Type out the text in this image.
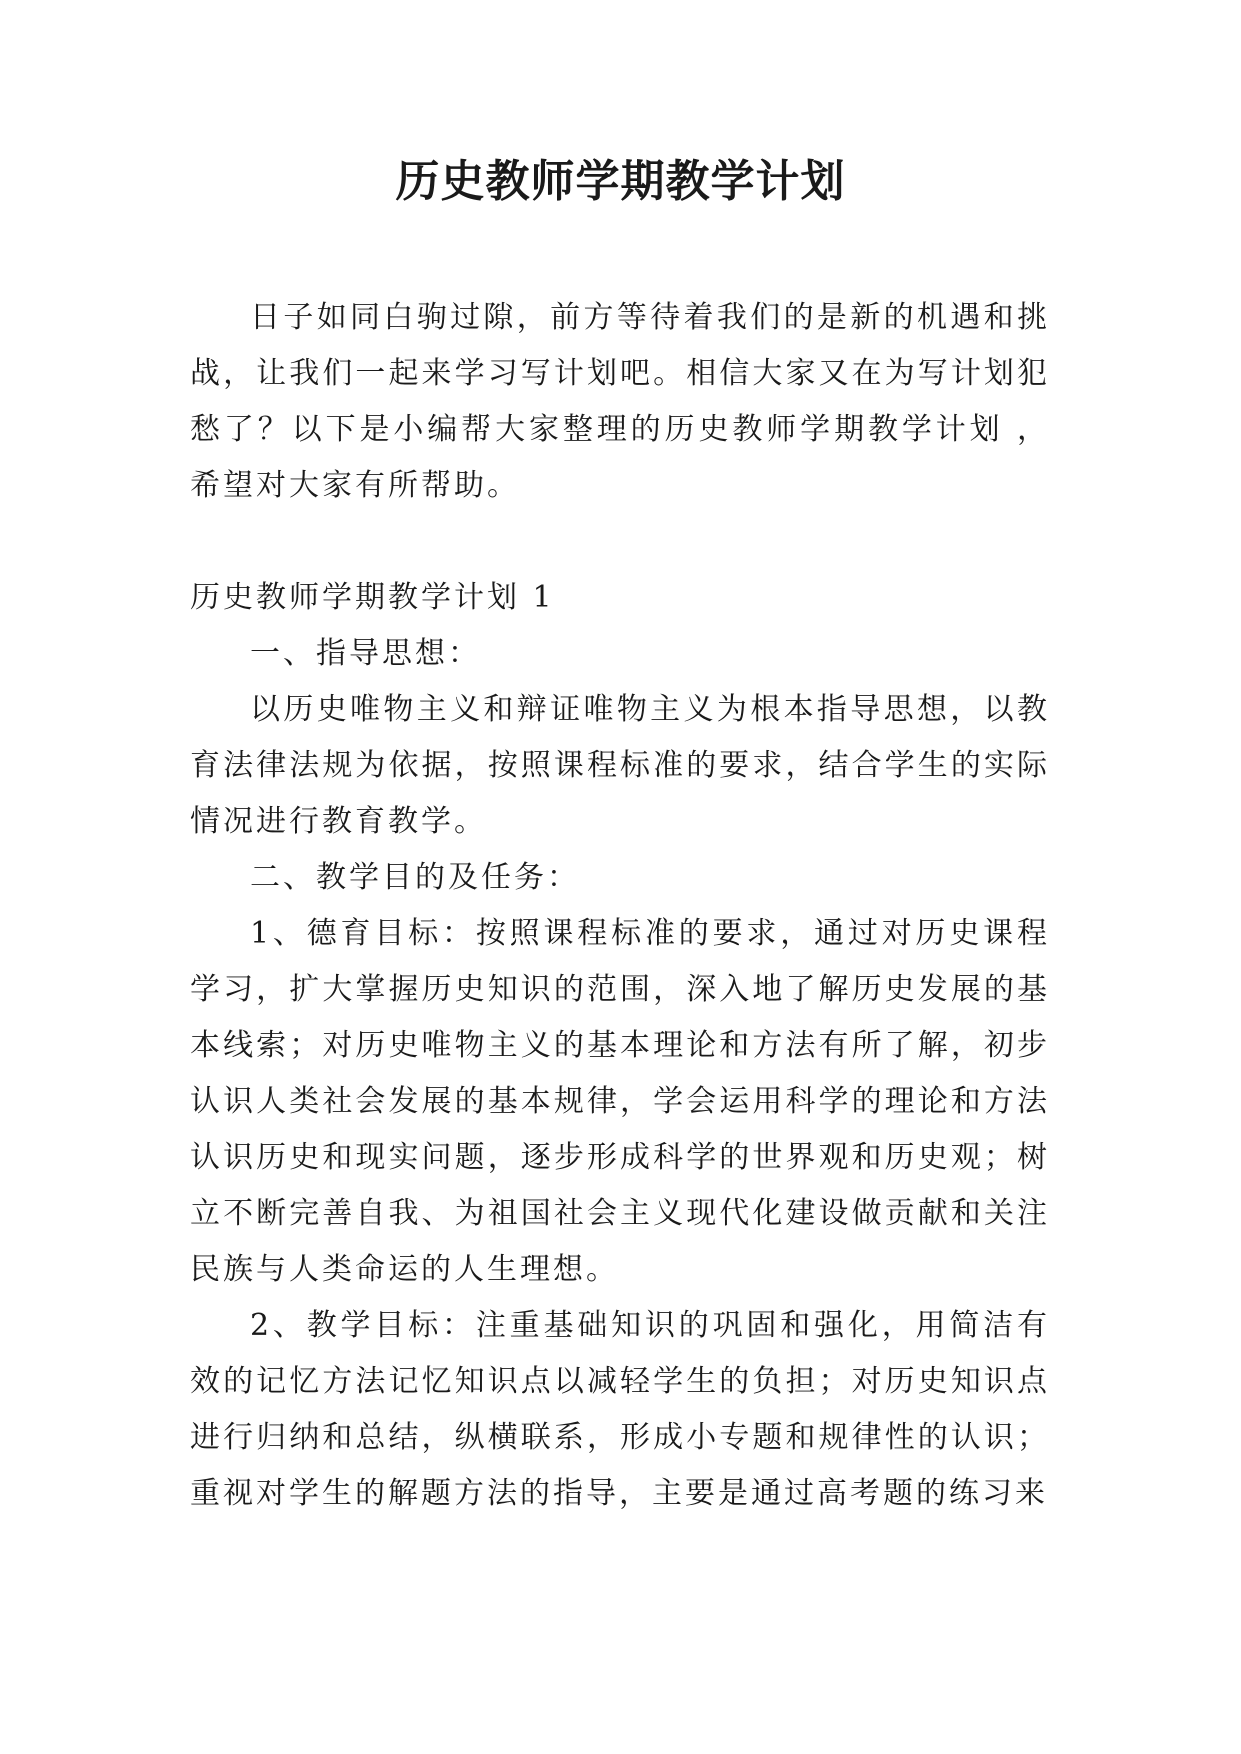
历史教师学期教学计划

日子如同白驹过隙，前方等待着我们的是新的机遇和挑战，让我们一起来学习写计划吧。相信大家又在为写计划犯愁了？以下是小编帮大家整理的历史教师学期教学计划 ，希望对大家有所帮助。

历史教师学期教学计划 1

一、指导思想：

以历史唯物主义和辩证唯物主义为根本指导思想，以教育法律法规为依据，按照课程标准的要求，结合学生的实际情况进行教育教学。

二、教学目的及任务：

1、德育目标：按照课程标准的要求，通过对历史课程学习，扩大掌握历史知识的范围，深入地了解历史发展的基本线索；对历史唯物主义的基本理论和方法有所了解，初步认识人类社会发展的基本规律，学会运用科学的理论和方法认识历史和现实问题，逐步形成科学的世界观和历史观；树立不断完善自我、为祖国社会主义现代化建设做贡献和关注民族与人类命运的人生理想。

2、教学目标：注重基础知识的巩固和强化，用简洁有效的记忆方法记忆知识点以减轻学生的负担；对历史知识点进行归纳和总结，纵横联系，形成小专题和规律性的认识；重视对学生的解题方法的指导，主要是通过高考题的练习来
